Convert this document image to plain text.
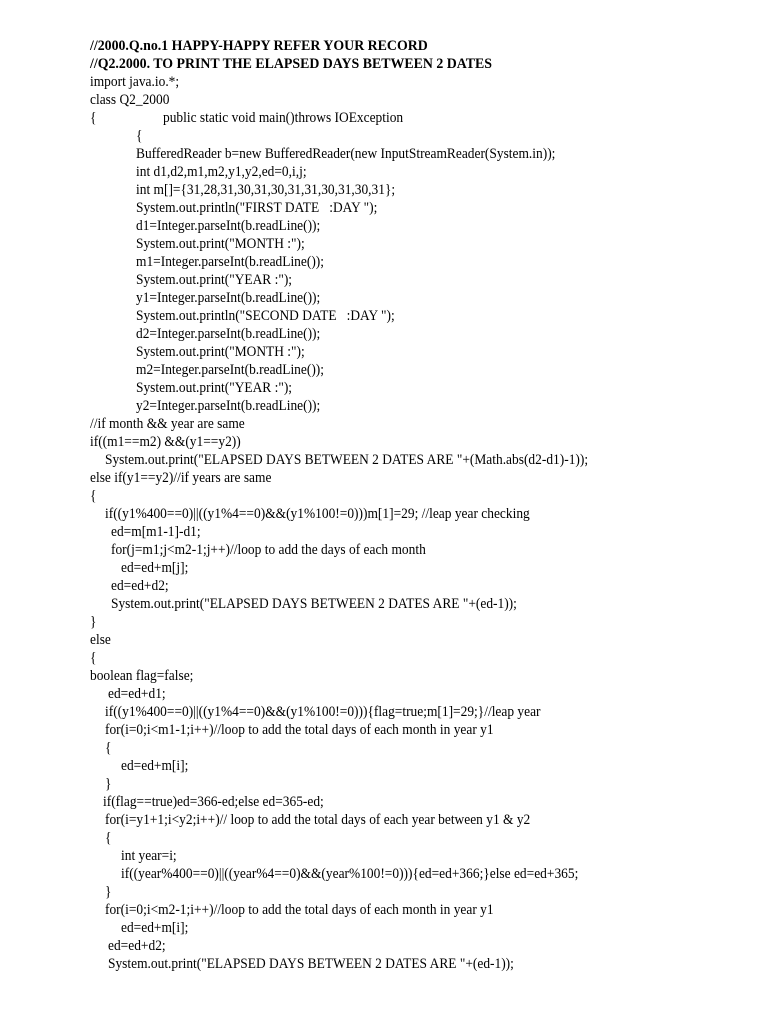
//2000.Q.no.1 HAPPY-HAPPY REFER YOUR RECORD
//Q2.2000. TO PRINT THE ELAPSED DAYS BETWEEN 2 DATES
import java.io.*;
class Q2_2000
{	public static void main()throws IOException
{
BufferedReader b=new BufferedReader(new InputStreamReader(System.in));
int d1,d2,m1,m2,y1,y2,ed=0,i,j;
int m[]={31,28,31,30,31,30,31,31,30,31,30,31};
System.out.println("FIRST DATE   :DAY ");
d1=Integer.parseInt(b.readLine());
System.out.print("MONTH :");
m1=Integer.parseInt(b.readLine());
System.out.print("YEAR :");
y1=Integer.parseInt(b.readLine());
System.out.println("SECOND DATE   :DAY ");
d2=Integer.parseInt(b.readLine());
System.out.print("MONTH :");
m2=Integer.parseInt(b.readLine());
System.out.print("YEAR :");
y2=Integer.parseInt(b.readLine());
//if month && year are same
if((m1==m2) &&(y1==y2))
System.out.print("ELAPSED DAYS BETWEEN 2 DATES ARE "+(Math.abs(d2-d1)-1));
else if(y1==y2)//if years are same
{
if((y1%400==0)||((y1%4==0)&&(y1%100!=0)))m[1]=29; //leap year checking
ed=m[m1-1]-d1;
for(j=m1;j<m2-1;j++)//loop to add the days of each month
ed=ed+m[j];
ed=ed+d2;
System.out.print("ELAPSED DAYS BETWEEN 2 DATES ARE "+(ed-1));
}
else
{
boolean flag=false;
ed=ed+d1;
if((y1%400==0)||((y1%4==0)&&(y1%100!=0))){flag=true;m[1]=29;}//leap year
for(i=0;i<m1-1;i++)//loop to add the total days of each month in year y1
{
ed=ed+m[i];
}
if(flag==true)ed=366-ed;else ed=365-ed;
for(i=y1+1;i<y2;i++)// loop to add the total days of each year between y1 & y2
{
int year=i;
if((year%400==0)||((year%4==0)&&(year%100!=0))){ed=ed+366;}else ed=ed+365;
}
for(i=0;i<m2-1;i++)//loop to add the total days of each month in year y1
ed=ed+m[i];
ed=ed+d2;
System.out.print("ELAPSED DAYS BETWEEN 2 DATES ARE "+(ed-1));
